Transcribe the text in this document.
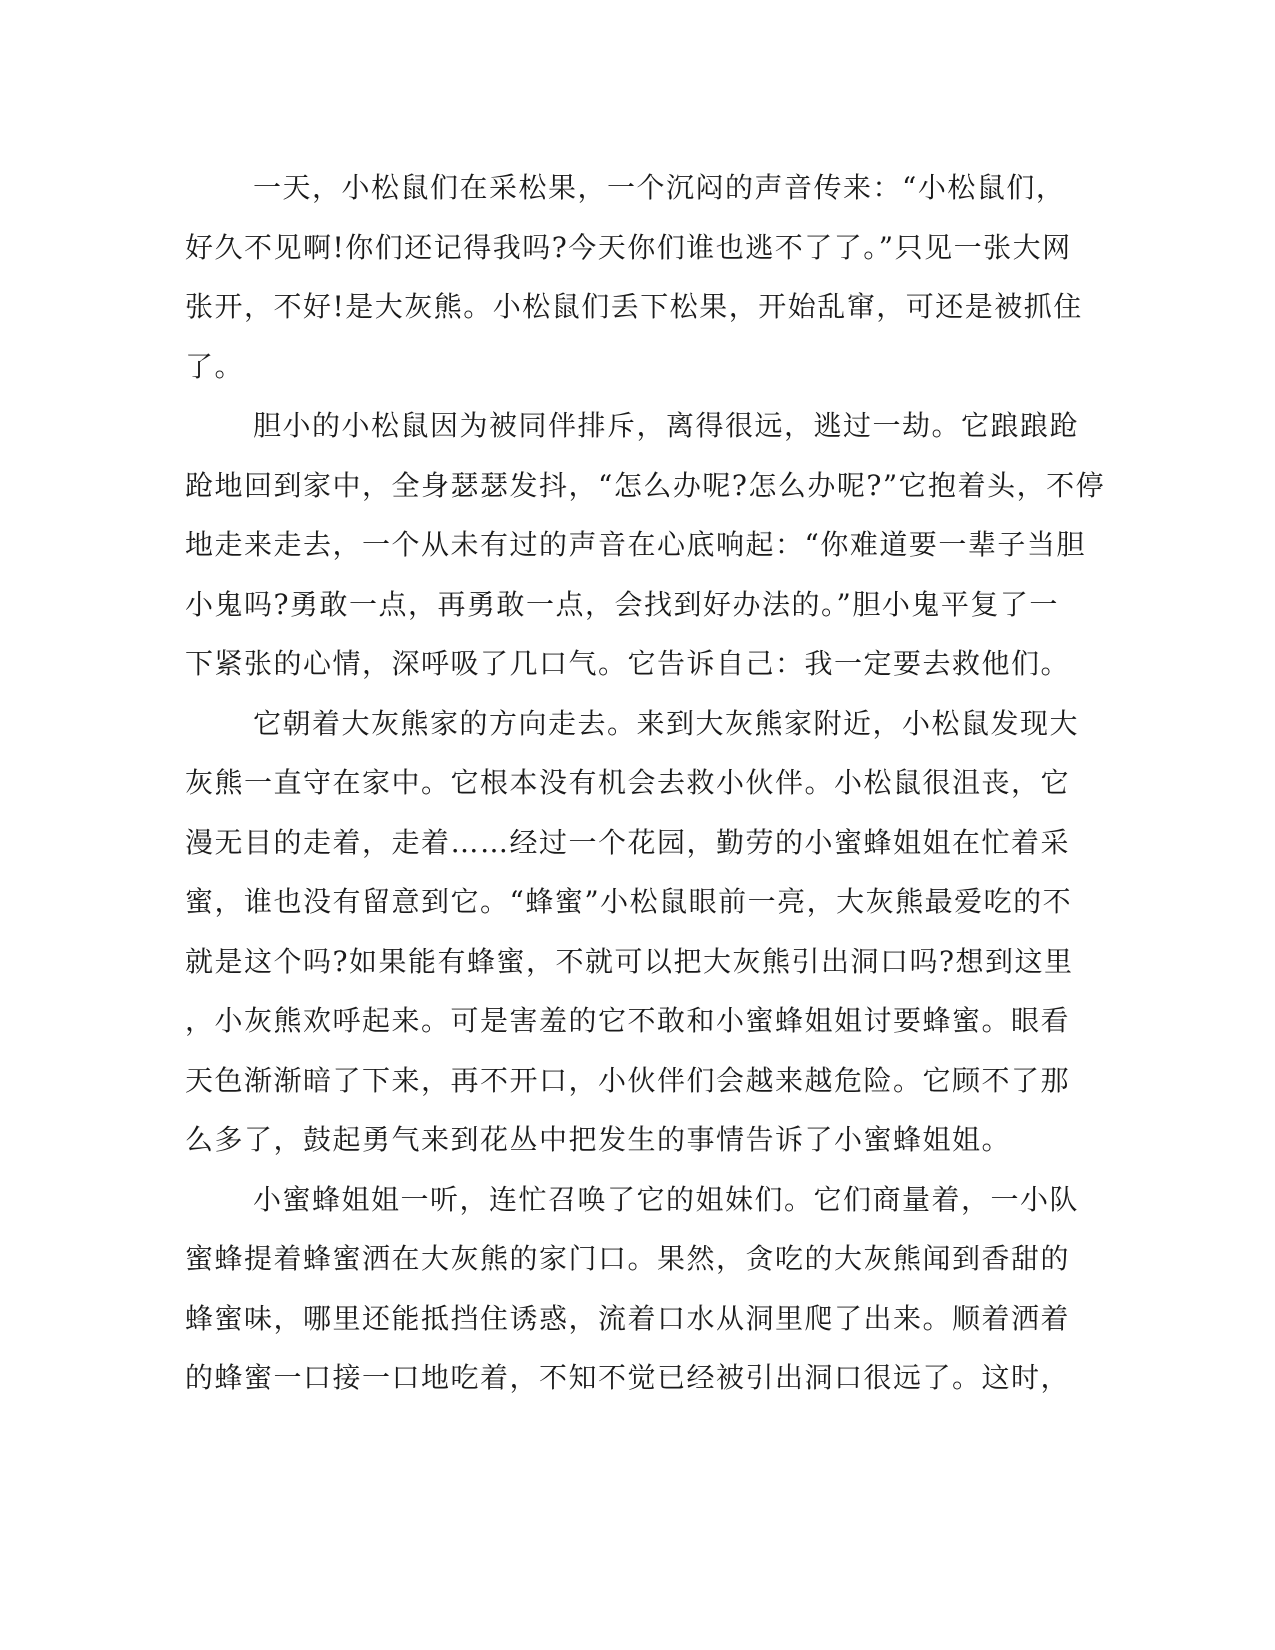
一天，小松鼠们在采松果，一个沉闷的声音传来：“小松鼠们，
好久不见啊!你们还记得我吗?今天你们谁也逃不了了。”只见一张大网
张开，不好!是大灰熊。小松鼠们丢下松果，开始乱窜，可还是被抓住
了。
胆小的小松鼠因为被同伴排斥，离得很远，逃过一劫。它踉踉跄
跄地回到家中，全身瑟瑟发抖，“怎么办呢?怎么办呢?”它抱着头，不停
地走来走去，一个从未有过的声音在心底响起：“你难道要一辈子当胆
小鬼吗?勇敢一点，再勇敢一点，会找到好办法的。”胆小鬼平复了一
下紧张的心情，深呼吸了几口气。它告诉自己：我一定要去救他们。
它朝着大灰熊家的方向走去。来到大灰熊家附近，小松鼠发现大
灰熊一直守在家中。它根本没有机会去救小伙伴。小松鼠很沮丧，它
漫无目的走着，走着……经过一个花园，勤劳的小蜜蜂姐姐在忙着采
蜜，谁也没有留意到它。“蜂蜜”小松鼠眼前一亮，大灰熊最爱吃的不
就是这个吗?如果能有蜂蜜，不就可以把大灰熊引出洞口吗?想到这里
，小灰熊欢呼起来。可是害羞的它不敢和小蜜蜂姐姐讨要蜂蜜。眼看
天色渐渐暗了下来，再不开口，小伙伴们会越来越危险。它顾不了那
么多了，鼓起勇气来到花丛中把发生的事情告诉了小蜜蜂姐姐。
小蜜蜂姐姐一听，连忙召唤了它的姐妹们。它们商量着，一小队
蜜蜂提着蜂蜜洒在大灰熊的家门口。果然，贪吃的大灰熊闻到香甜的
蜂蜜味，哪里还能抵挡住诱惑，流着口水从洞里爬了出来。顺着洒着
的蜂蜜一口接一口地吃着，不知不觉已经被引出洞口很远了。这时，
